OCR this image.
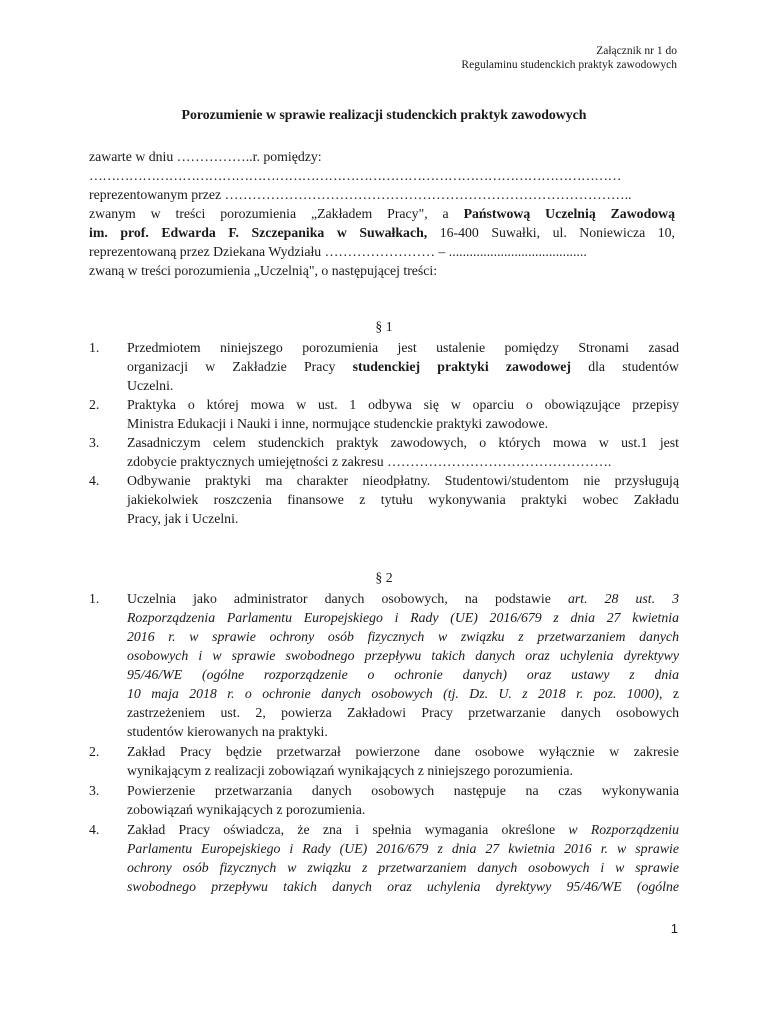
Załącznik nr 1 do
Regulaminu studenckich praktyk zawodowych
Porozumienie w sprawie realizacji studenckich praktyk zawodowych
zawarte w dniu ……………..r. pomiędzy:
…………………………………………………………………………………………………………
reprezentowanym przez ……………………………………………………………………………..
zwanym w treści porozumienia „Zakładem Pracy", a Państwową Uczelnią Zawodową
im. prof. Edwarda F. Szczepanika w Suwałkach, 16-400 Suwałki, ul. Noniewicza 10,
reprezentowaną przez Dziekana Wydziału …………………… – ........................................
zwaną w treści porozumienia „Uczelnią", o następującej treści:
§ 1
1. Przedmiotem niniejszego porozumienia jest ustalenie pomiędzy Stronami zasad
organizacji w Zakładzie Pracy studenckiej praktyki zawodowej dla studentów
Uczelni.
2. Praktyka o której mowa w ust. 1 odbywa się w oparciu o obowiązujące przepisy
Ministra Edukacji i Nauki i inne, normujące studenckie praktyki zawodowe.
3. Zasadniczym celem studenckich praktyk zawodowych, o których mowa w ust.1 jest
zdobycie praktycznych umiejętności z zakresu ………………………………………….
4. Odbywanie praktyki ma charakter nieodpłatny. Studentowi/studentom nie przysługują
jakiekolwiek roszczenia finansowe z tytułu wykonywania praktyki wobec Zakładu
Pracy, jak i Uczelni.
§ 2
1. Uczelnia jako administrator danych osobowych, na podstawie art. 28 ust. 3
Rozporządzenia Parlamentu Europejskiego i Rady (UE) 2016/679 z dnia 27 kwietnia
2016 r. w sprawie ochrony osób fizycznych w związku z przetwarzaniem danych
osobowych i w sprawie swobodnego przepływu takich danych oraz uchylenia dyrektywy
95/46/WE (ogólne rozporządzenie o ochronie danych) oraz ustawy z dnia
10 maja 2018 r. o ochronie danych osobowych (tj. Dz. U. z 2018 r. poz. 1000), z
zastrzeżeniem ust. 2, powierza Zakładowi Pracy przetwarzanie danych osobowych
studentów kierowanych na praktyki.
2. Zakład Pracy będzie przetwarzał powierzone dane osobowe wyłącznie w zakresie
wynikającym z realizacji zobowiązań wynikających z niniejszego porozumienia.
3. Powierzenie przetwarzania danych osobowych następuje na czas wykonywania
zobowiązań wynikających z porozumienia.
4. Zakład Pracy oświadcza, że zna i spełnia wymagania określone w Rozporządzeniu
Parlamentu Europejskiego i Rady (UE) 2016/679 z dnia 27 kwietnia 2016 r. w sprawie
ochrony osób fizycznych w związku z przetwarzaniem danych osobowych i w sprawie
swobodnego przepływu takich danych oraz uchylenia dyrektywy 95/46/WE (ogólne
1
